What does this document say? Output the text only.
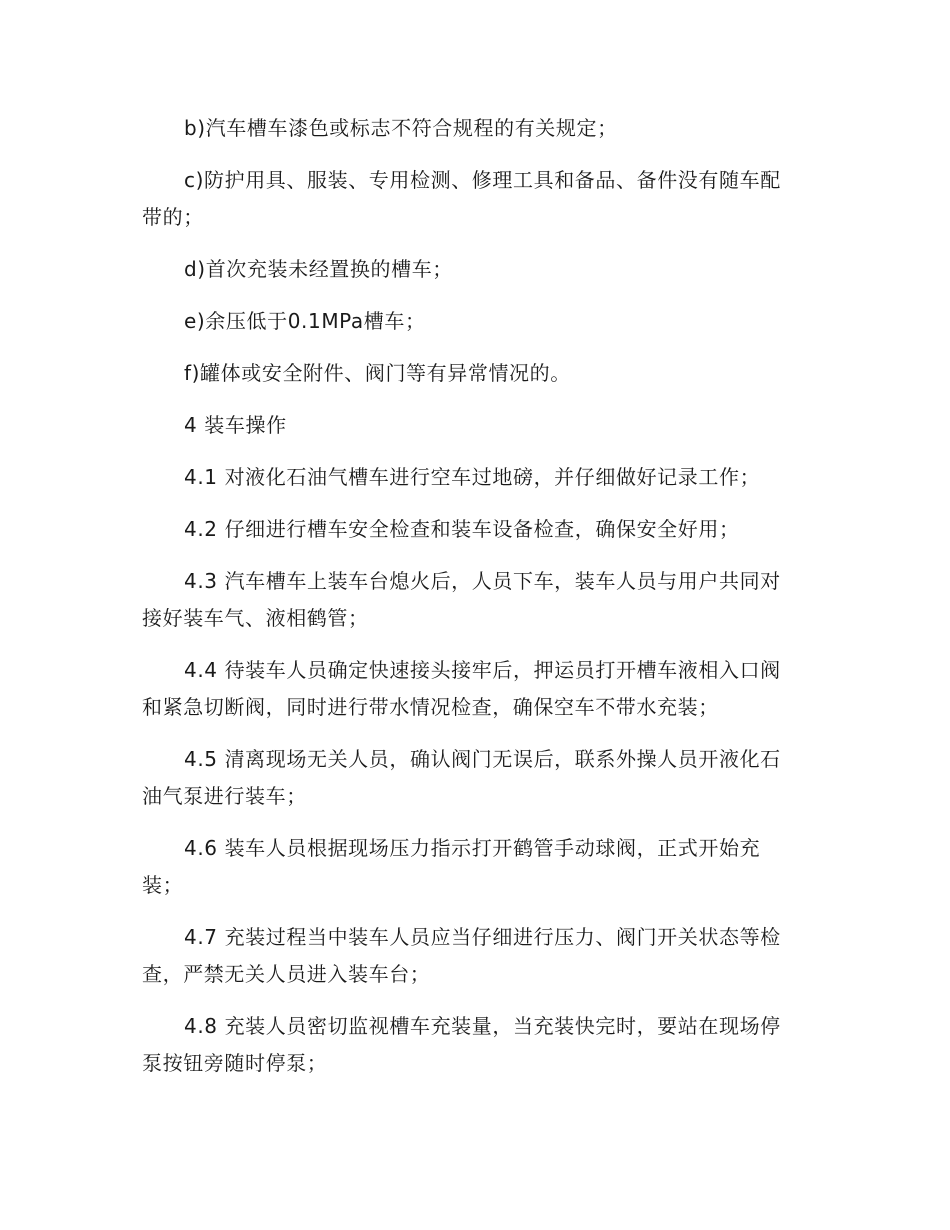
b)汽车槽车漆色或标志不符合规程的有关规定；

c)防护用具、服装、专用检测、修理工具和备品、备件没有随车配带的；

d)首次充装未经置换的槽车；

e)余压低于0.1MPa槽车；

f)罐体或安全附件、阀门等有异常情况的。

4 装车操作

4.1 对液化石油气槽车进行空车过地磅，并仔细做好记录工作；

4.2 仔细进行槽车安全检查和装车设备检查，确保安全好用；

4.3 汽车槽车上装车台熄火后，人员下车，装车人员与用户共同对接好装车气、液相鹤管；

4.4 待装车人员确定快速接头接牢后，押运员打开槽车液相入口阀和紧急切断阀，同时进行带水情况检查，确保空车不带水充装；

4.5 清离现场无关人员，确认阀门无误后，联系外操人员开液化石油气泵进行装车；

4.6 装车人员根据现场压力指示打开鹤管手动球阀，正式开始充装；

4.7 充装过程当中装车人员应当仔细进行压力、阀门开关状态等检查，严禁无关人员进入装车台；

4.8 充装人员密切监视槽车充装量，当充装快完时，要站在现场停泵按钮旁随时停泵；
